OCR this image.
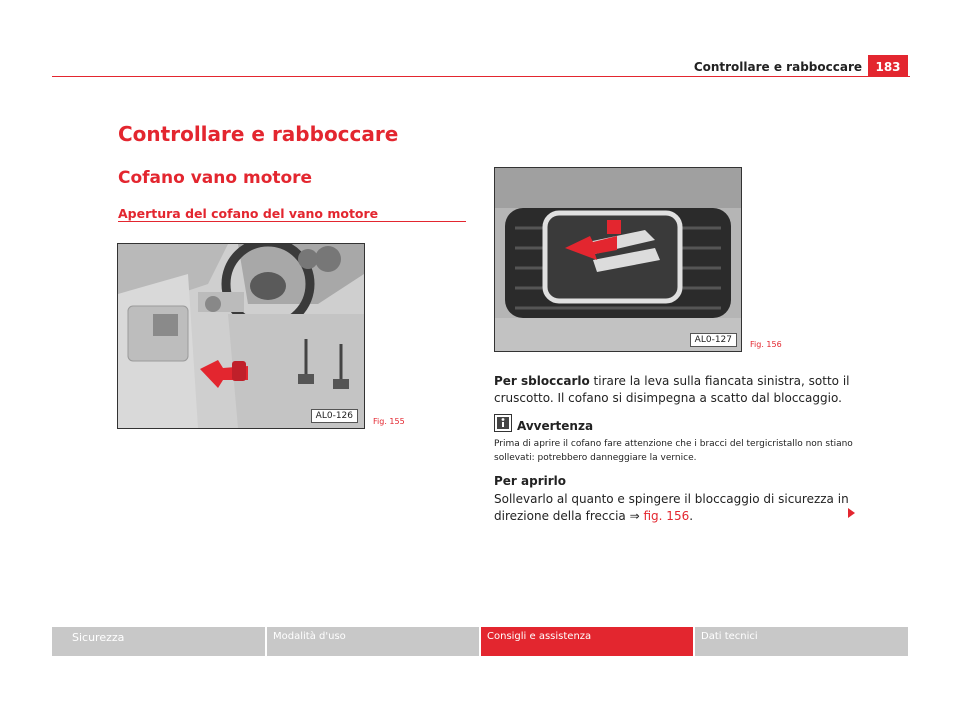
Controllare e rabboccare	183
Controllare e rabboccare
Cofano vano motore
Apertura del cofano del vano motore
AL0-126
Fig. 155
AL0-127	Fig. 156
Per sbloccarlo tirare la leva sulla fiancata sinistra, sotto il cruscotto. Il cofano si disimpegna a scatto dal bloccaggio.
Avvertenza
Prima di aprire il cofano fare attenzione che i bracci del tergicristallo non stiano sollevati: potrebbero danneggiare la vernice.
Per aprirlo
Sollevarlo al quanto e spingere il bloccaggio di sicurezza in direzione della freccia ⇒ fig. 156.
Sicurezza	Modalità d'uso	Consigli e assistenza	Dati tecnici
